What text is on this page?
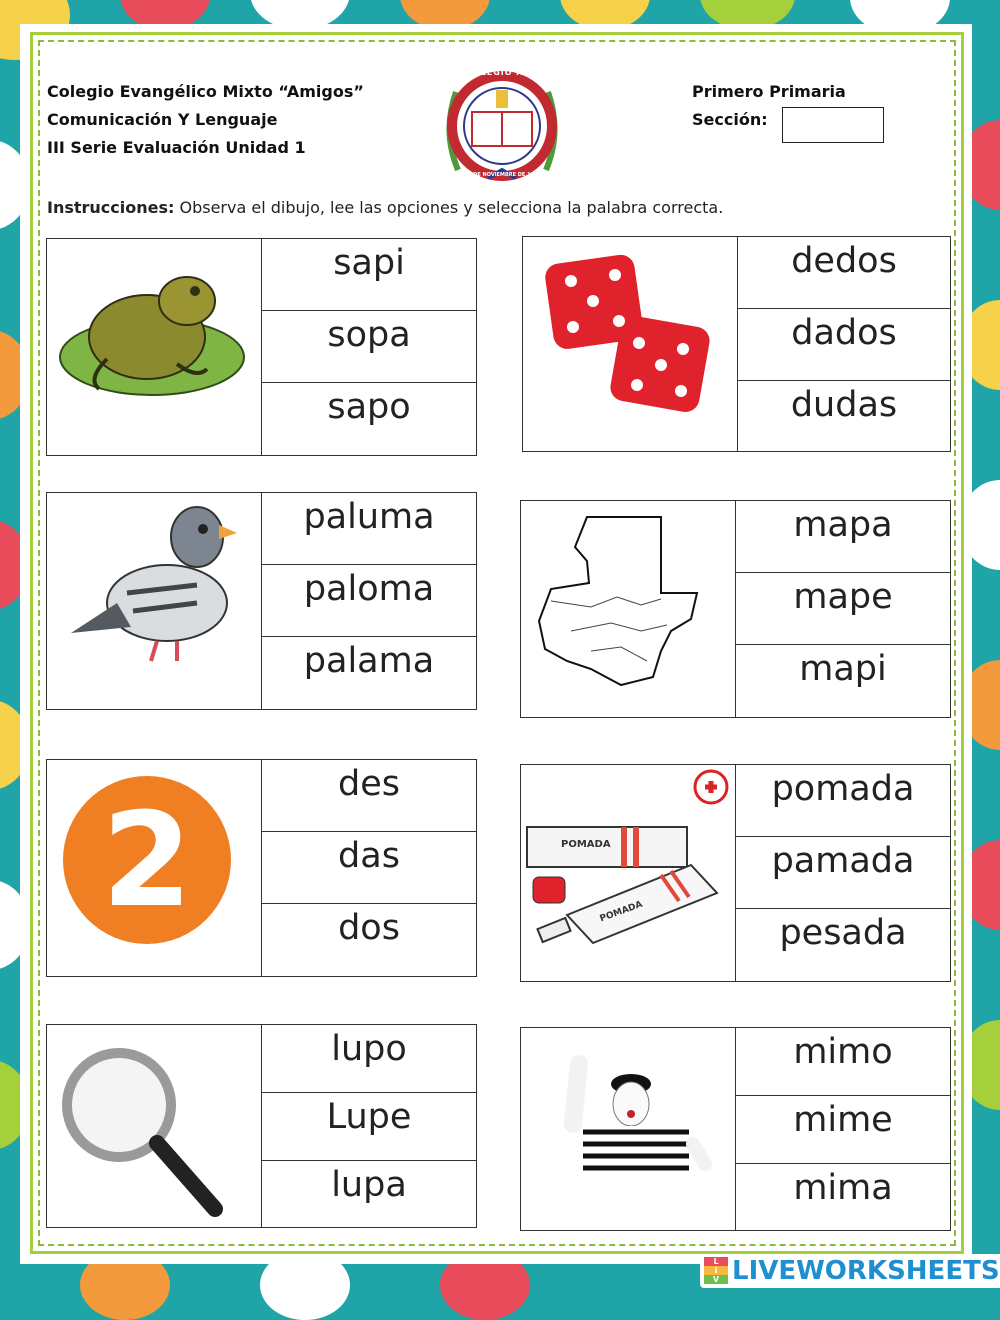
Colegio Evangélico Mixto “Amigos”
Comunicación Y Lenguaje
III Serie Evaluación Unidad 1
Primero Primaria
Sección:
COLEGIO AMIGOS
2 DE NOVIEMBRE DE 1985
Instrucciones: Observa el dibujo, lee las opciones y selecciona la palabra correcta.
sapi
sopa
sapo
dedos
dados
dudas
paluma
paloma
palama
mapa
mape
mapi
2	des
das
dos
POMADA
POMADA
pomada
pamada
pesada
lupo
Lupe
lupa
mimo
mime
mima
L
I
V LIVEWORKSHEETS
